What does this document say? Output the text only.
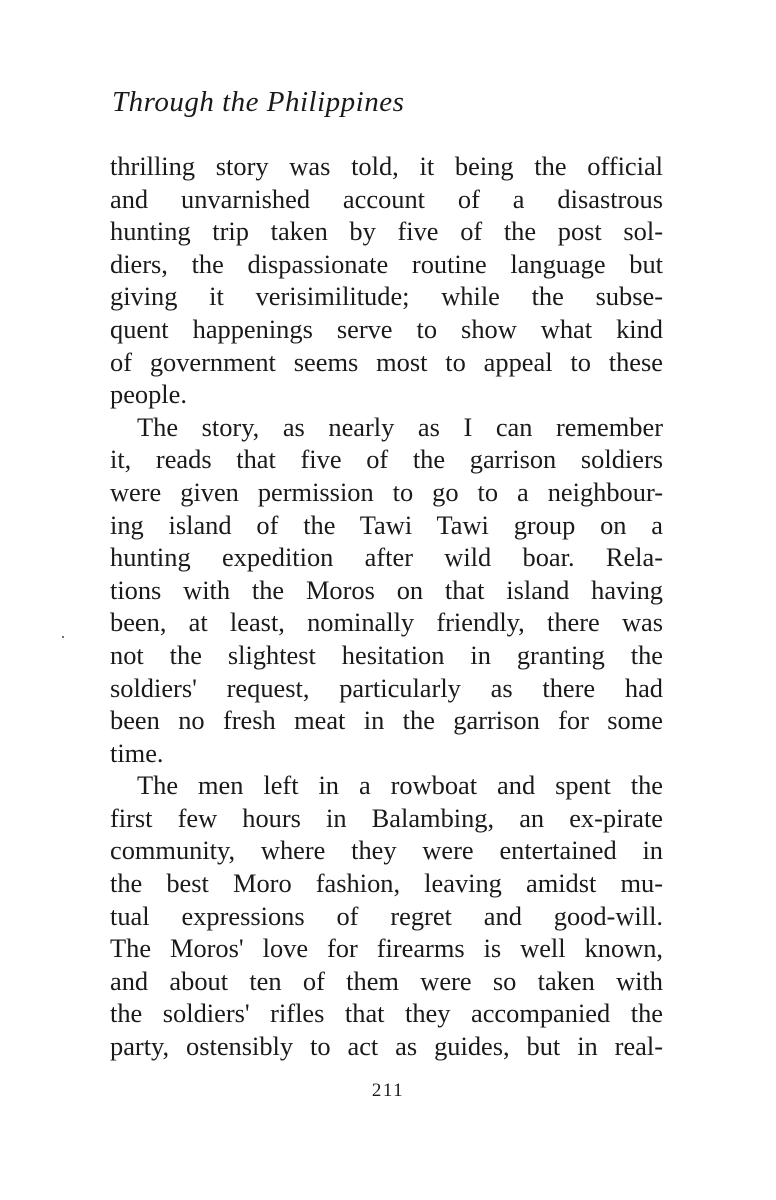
Through the Philippines
thrilling story was told, it being the official
and unvarnished account of a disastrous
hunting trip taken by five of the post sol-
diers, the dispassionate routine language but
giving it verisimilitude; while the subse-
quent happenings serve to show what kind
of government seems most to appeal to these
people.
The story, as nearly as I can remember
it, reads that five of the garrison soldiers
were given permission to go to a neighbour-
ing island of the Tawi Tawi group on a
hunting expedition after wild boar. Rela-
tions with the Moros on that island having
been, at least, nominally friendly, there was
not the slightest hesitation in granting the
soldiers' request, particularly as there had
been no fresh meat in the garrison for some
time.
The men left in a rowboat and spent the
first few hours in Balambing, an ex-pirate
community, where they were entertained in
the best Moro fashion, leaving amidst mu-
tual expressions of regret and good-will.
The Moros' love for firearms is well known,
and about ten of them were so taken with
the soldiers' rifles that they accompanied the
party, ostensibly to act as guides, but in real-
211
